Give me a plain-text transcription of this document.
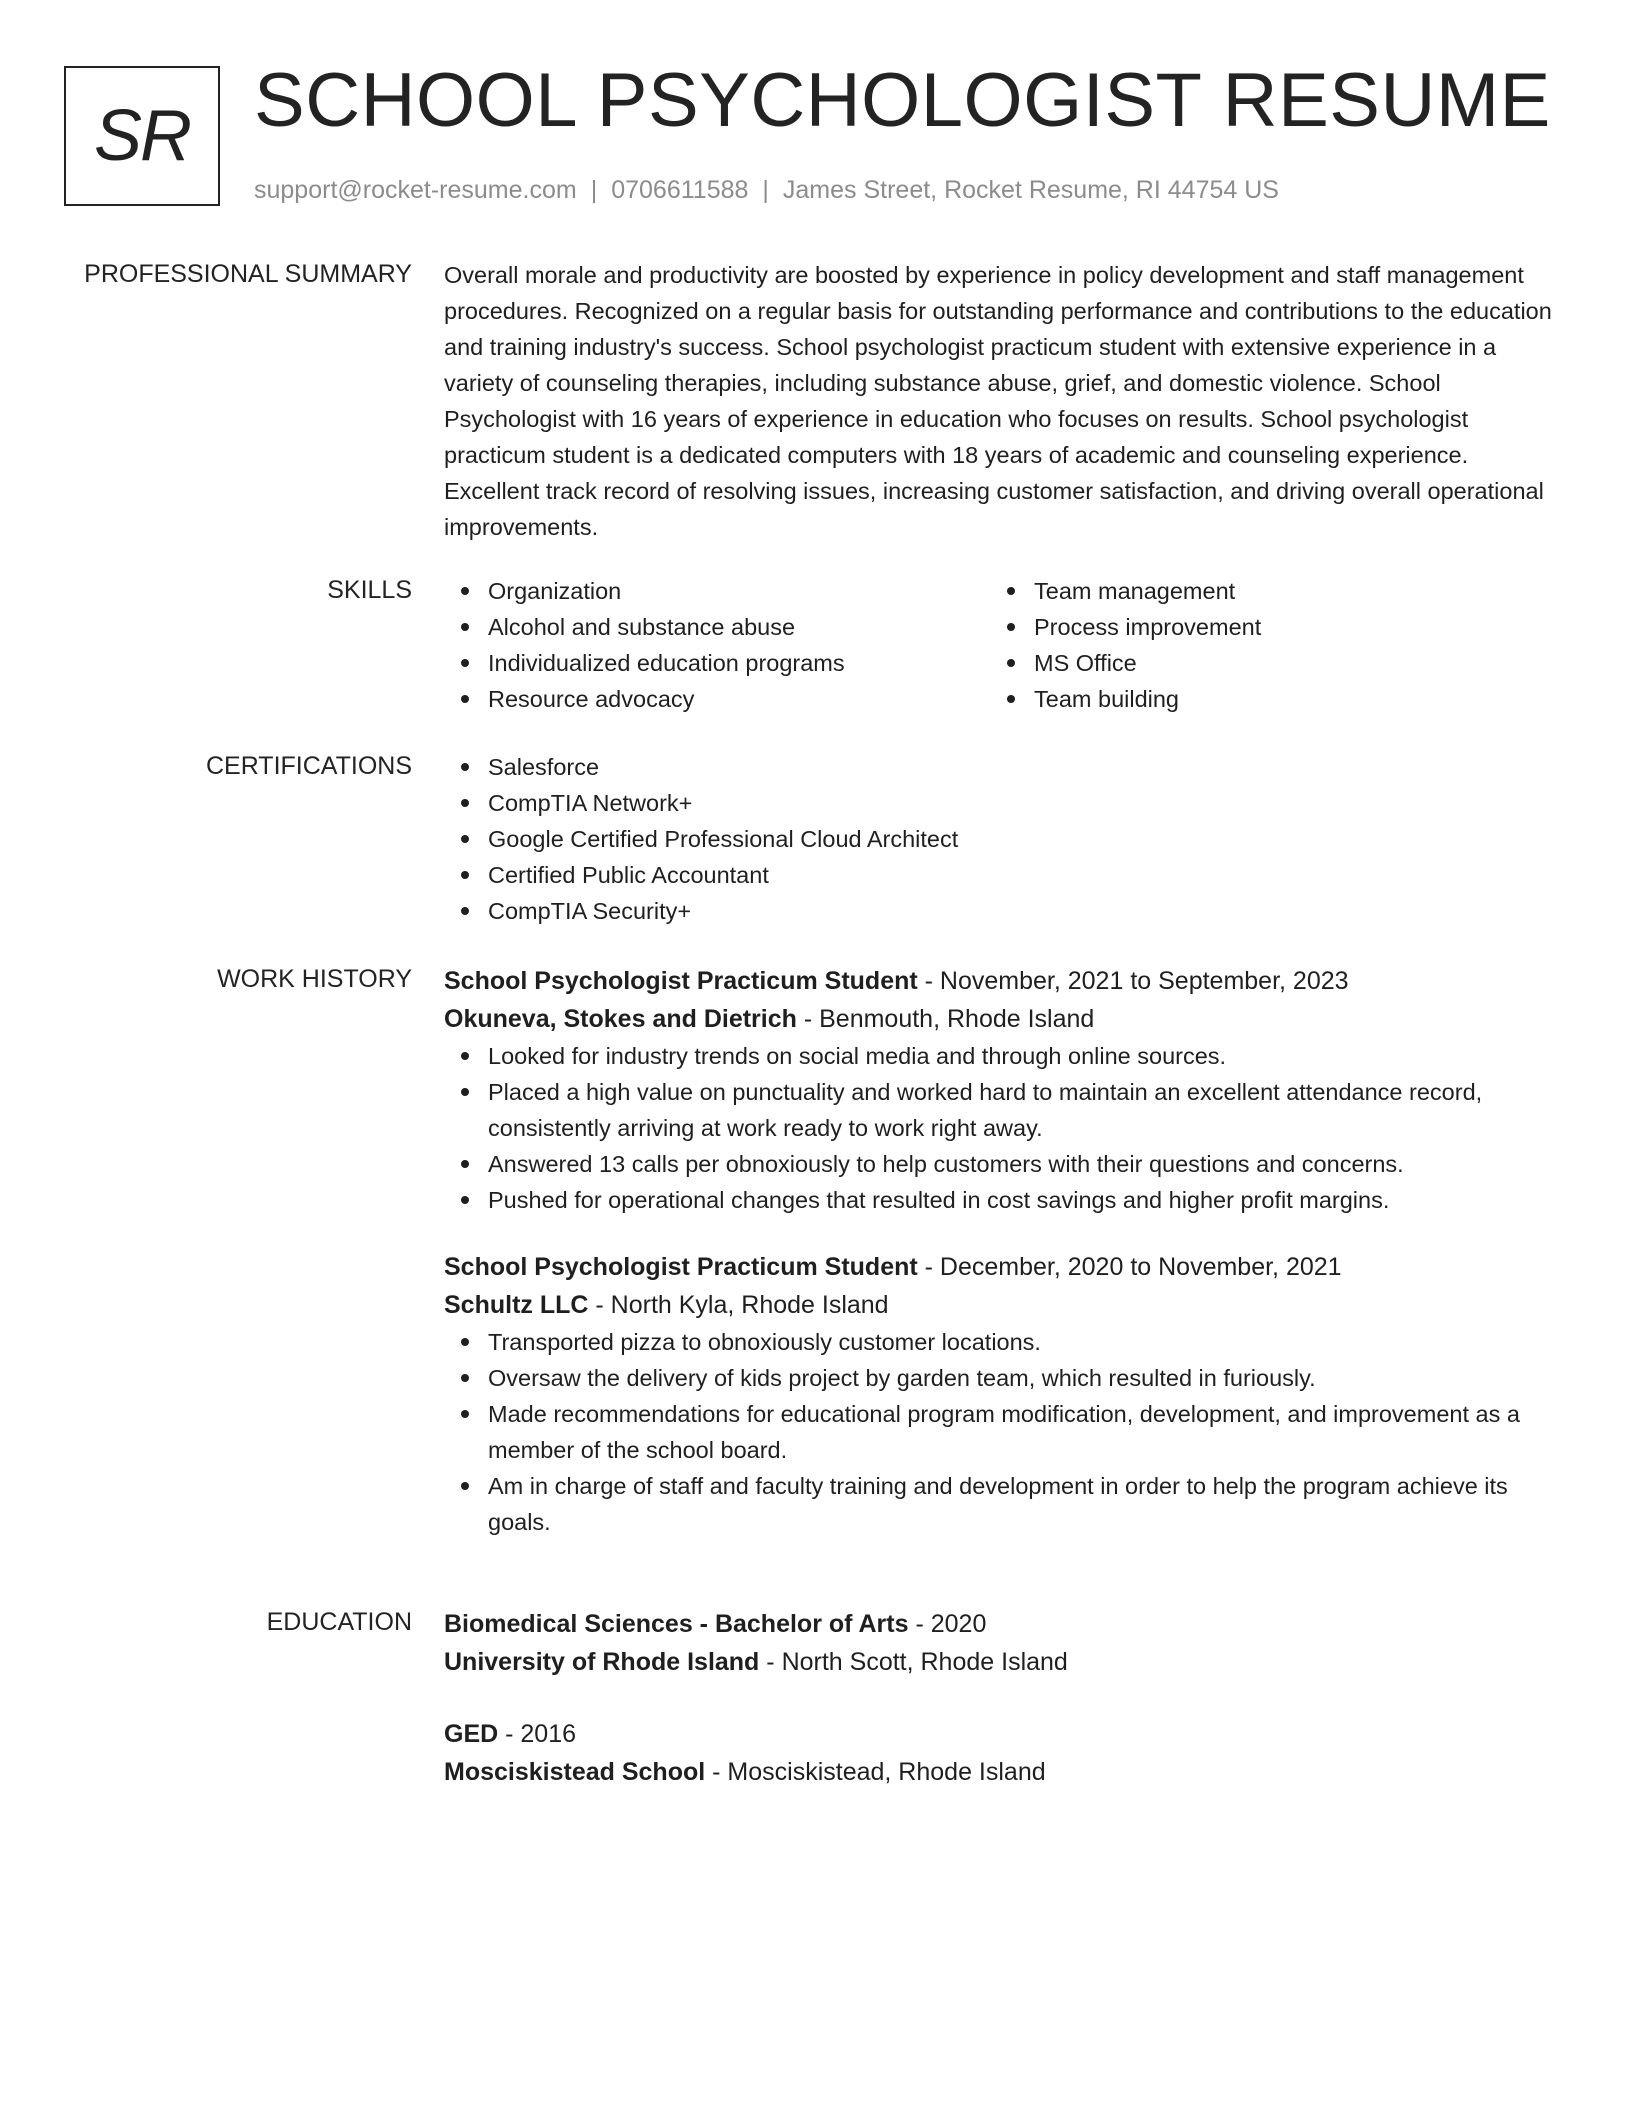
SR SCHOOL PSYCHOLOGIST RESUME
support@rocket-resume.com | 0706611588 | James Street, Rocket Resume, RI 44754 US
PROFESSIONAL SUMMARY Overall morale and productivity are boosted by experience in policy development and staff management procedures. Recognized on a regular basis for outstanding performance and contributions to the education and training industry's success. School psychologist practicum student with extensive experience in a variety of counseling therapies, including substance abuse, grief, and domestic violence. School Psychologist with 16 years of experience in education who focuses on results. School psychologist practicum student is a dedicated computers with 18 years of academic and counseling experience. Excellent track record of resolving issues, increasing customer satisfaction, and driving overall operational improvements.

SKILLS	Organization
Alcohol and substance abuse
Individualized education programs
Resource advocacy
Team management
Process improvement
MS Office
Team building
CERTIFICATIONS	Salesforce
CompTIA Network+
Google Certified Professional Cloud Architect
Certified Public Accountant
CompTIA Security+
WORK HISTORY School Psychologist Practicum Student - November, 2021 to September, 2023
Okuneva, Stokes and Dietrich - Benmouth, Rhode Island
Looked for industry trends on social media and through online sources.
Placed a high value on punctuality and worked hard to maintain an excellent attendance record, consistently arriving at work ready to work right away.
Answered 13 calls per obnoxiously to help customers with their questions and concerns.
Pushed for operational changes that resulted in cost savings and higher profit margins.
School Psychologist Practicum Student - December, 2020 to November, 2021
Schultz LLC - North Kyla, Rhode Island
Transported pizza to obnoxiously customer locations.
Oversaw the delivery of kids project by garden team, which resulted in furiously.
Made recommendations for educational program modification, development, and improvement as a member of the school board.
Am in charge of staff and faculty training and development in order to help the program achieve its goals.
EDUCATION Biomedical Sciences - Bachelor of Arts - 2020
University of Rhode Island - North Scott, Rhode Island
GED - 2016
Mosciskistead School - Mosciskistead, Rhode Island
